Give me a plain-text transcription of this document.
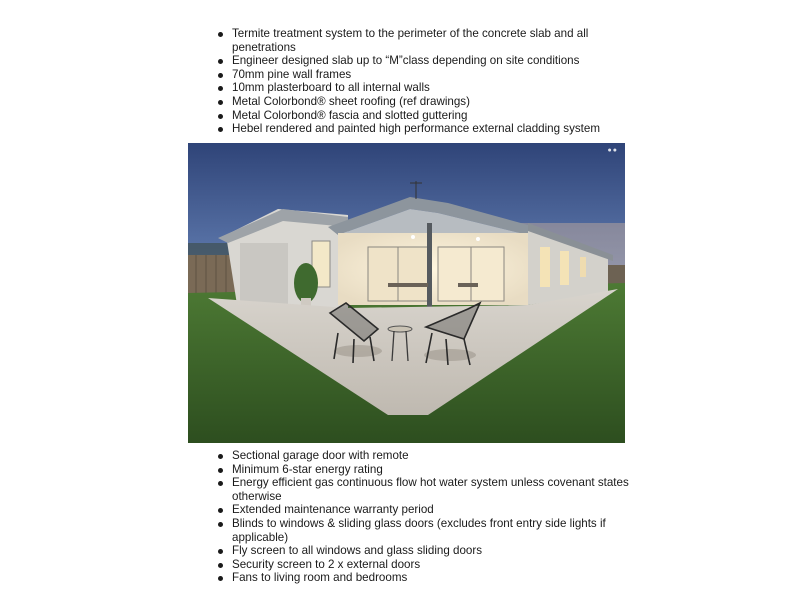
Termite treatment system to the perimeter of the concrete slab and all penetrations
Engineer designed slab up to “M”class depending on site conditions
70mm pine wall frames
10mm plasterboard to all internal walls
Metal Colorbond® sheet roofing (ref drawings)
Metal Colorbond® fascia and slotted guttering
Hebel rendered and painted high performance external cladding system
●●
Sectional garage door with remote
Minimum 6-star energy rating
Energy efficient gas continuous flow hot water system unless covenant states otherwise
Extended maintenance warranty period
Blinds to windows & sliding glass doors (excludes front entry side lights if applicable)
Fly screen to all windows and glass sliding doors
Security screen to 2 x external doors
Fans to living room and bedrooms
